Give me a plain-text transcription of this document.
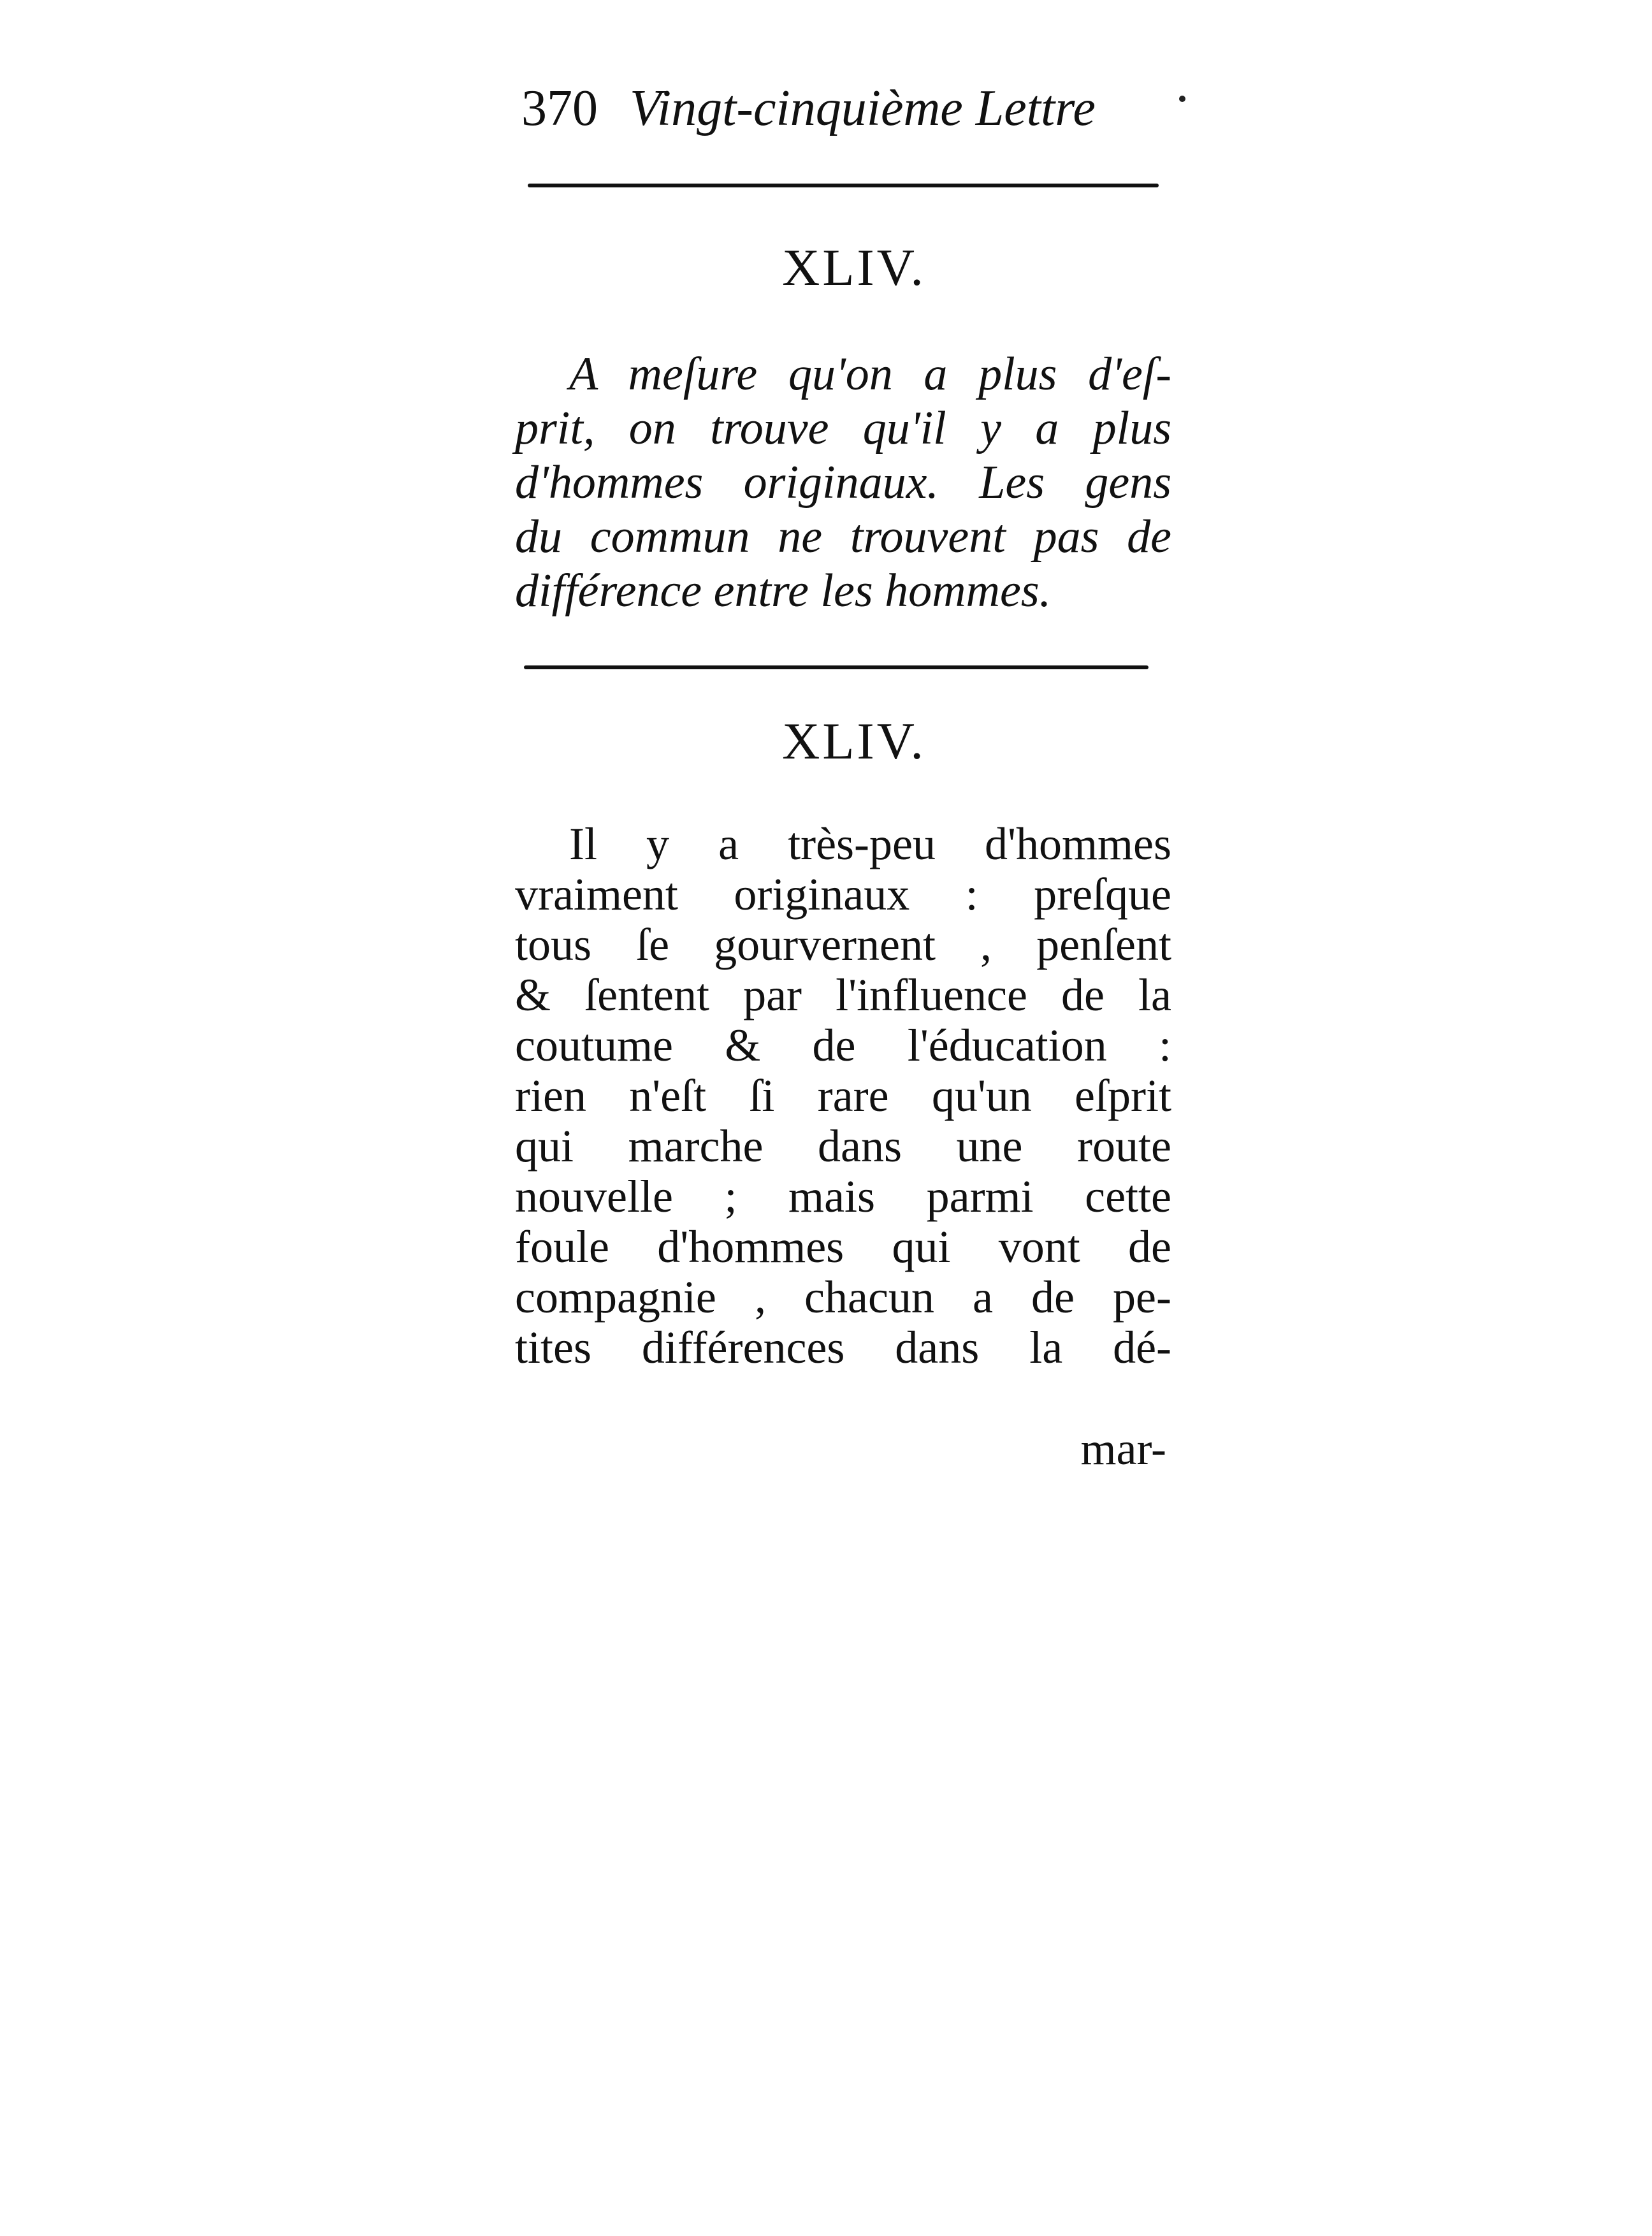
370 Vingt-cinquième Lettre
XLIV.
A meſure qu'on a plus d'eſ-
prit, on trouve qu'il y a plus
d'hommes originaux. Les gens
du commun ne trouvent pas de
différence entre les hommes.
XLIV.
Il y a très-peu d'hommes
vraiment originaux : preſque
tous ſe gourvernent , penſent
& ſentent par l'influence de la
coutume & de l'éducation :
rien n'eſt ſi rare qu'un eſprit
qui marche dans une route
nouvelle ; mais parmi cette
foule d'hommes qui vont de
compagnie , chacun a de pe-
tites différences dans la dé-
mar-
